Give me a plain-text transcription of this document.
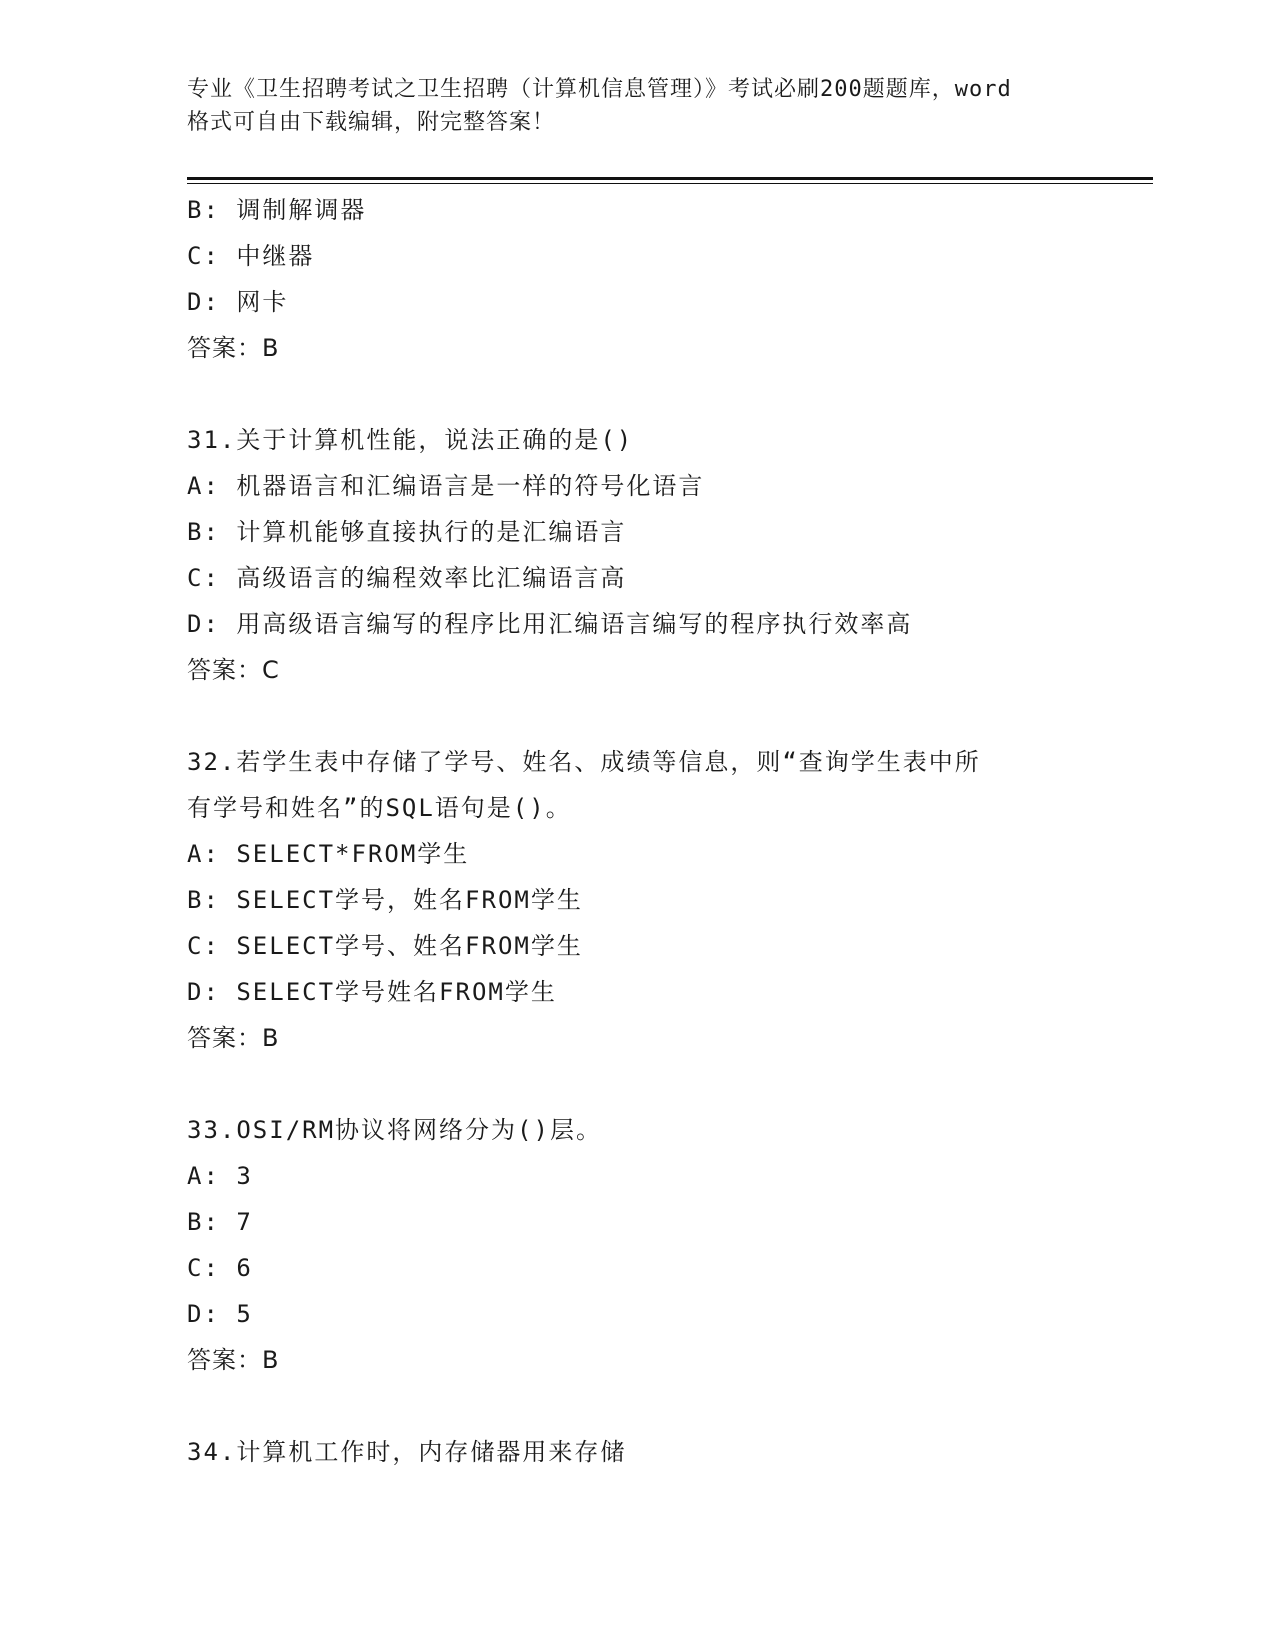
专业《卫生招聘考试之卫生招聘（计算机信息管理）》考试必刷200题题库，word
格式可自由下载编辑，附完整答案！
B: 调制解调器
C: 中继器
D: 网卡
答案：B
31.关于计算机性能，说法正确的是()
A: 机器语言和汇编语言是一样的符号化语言
B: 计算机能够直接执行的是汇编语言
C: 高级语言的编程效率比汇编语言高
D: 用高级语言编写的程序比用汇编语言编写的程序执行效率高
答案：C
32.若学生表中存储了学号、姓名、成绩等信息，则“查询学生表中所
有学号和姓名”的SQL语句是()。
A: SELECT*FROM学生
B: SELECT学号，姓名FROM学生
C: SELECT学号、姓名FROM学生
D: SELECT学号姓名FROM学生
答案：B
33.OSI/RM协议将网络分为()层。
A: 3
B: 7
C: 6
D: 5
答案：B
34.计算机工作时，内存储器用来存储
